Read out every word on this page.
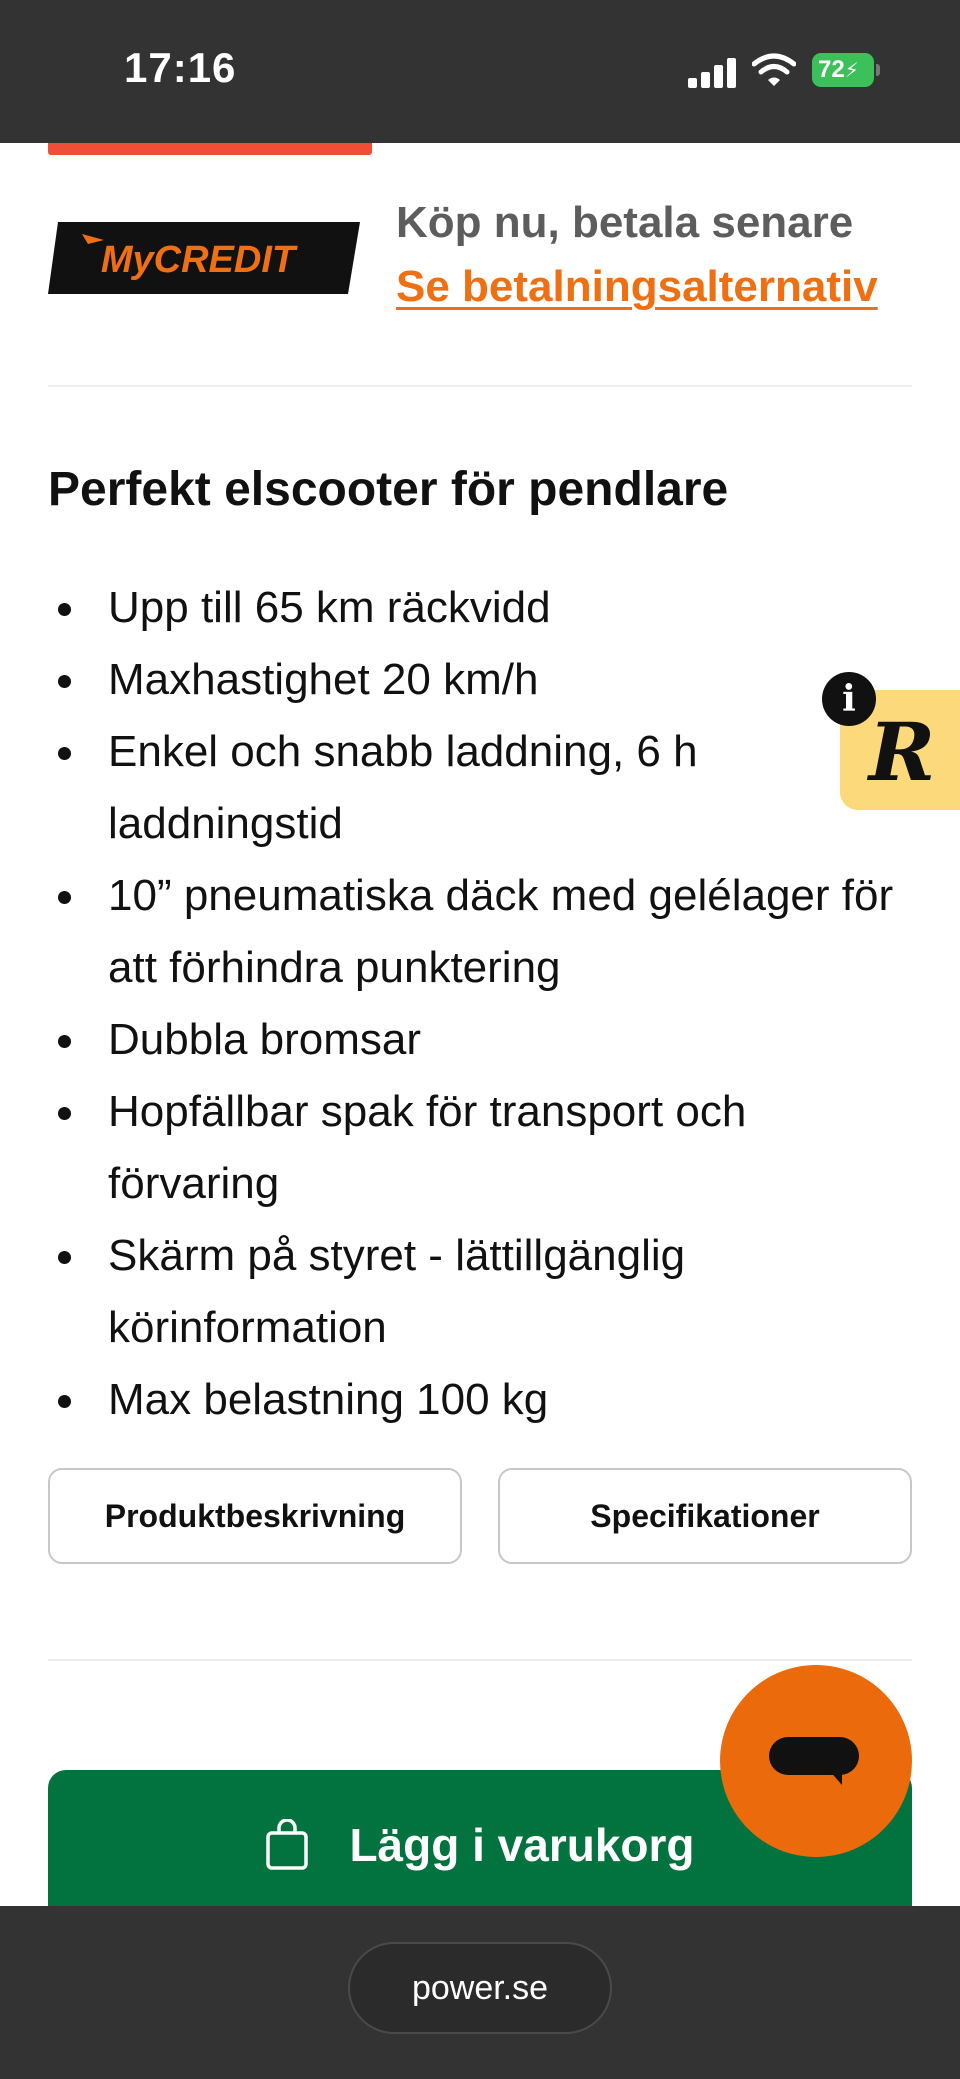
17:16	72⚡
MyCREDIT
Köp nu, betala senare
Se betalningsalternativ
Perfekt elscooter för pendlare
Upp till 65 km räckvidd
Maxhastighet 20 km/h
Enkel och snabb laddning, 6 h laddningstid
10” pneumatiska däck med gelélager för att förhindra punktering
Dubbla bromsar
Hopfällbar spak för transport och förvaring
Skärm på styret - lättillgänglig körinformation
Max belastning 100 kg
Produktbeskrivning	Specifikationer
Lägg i varukorg
R
i
power.se
